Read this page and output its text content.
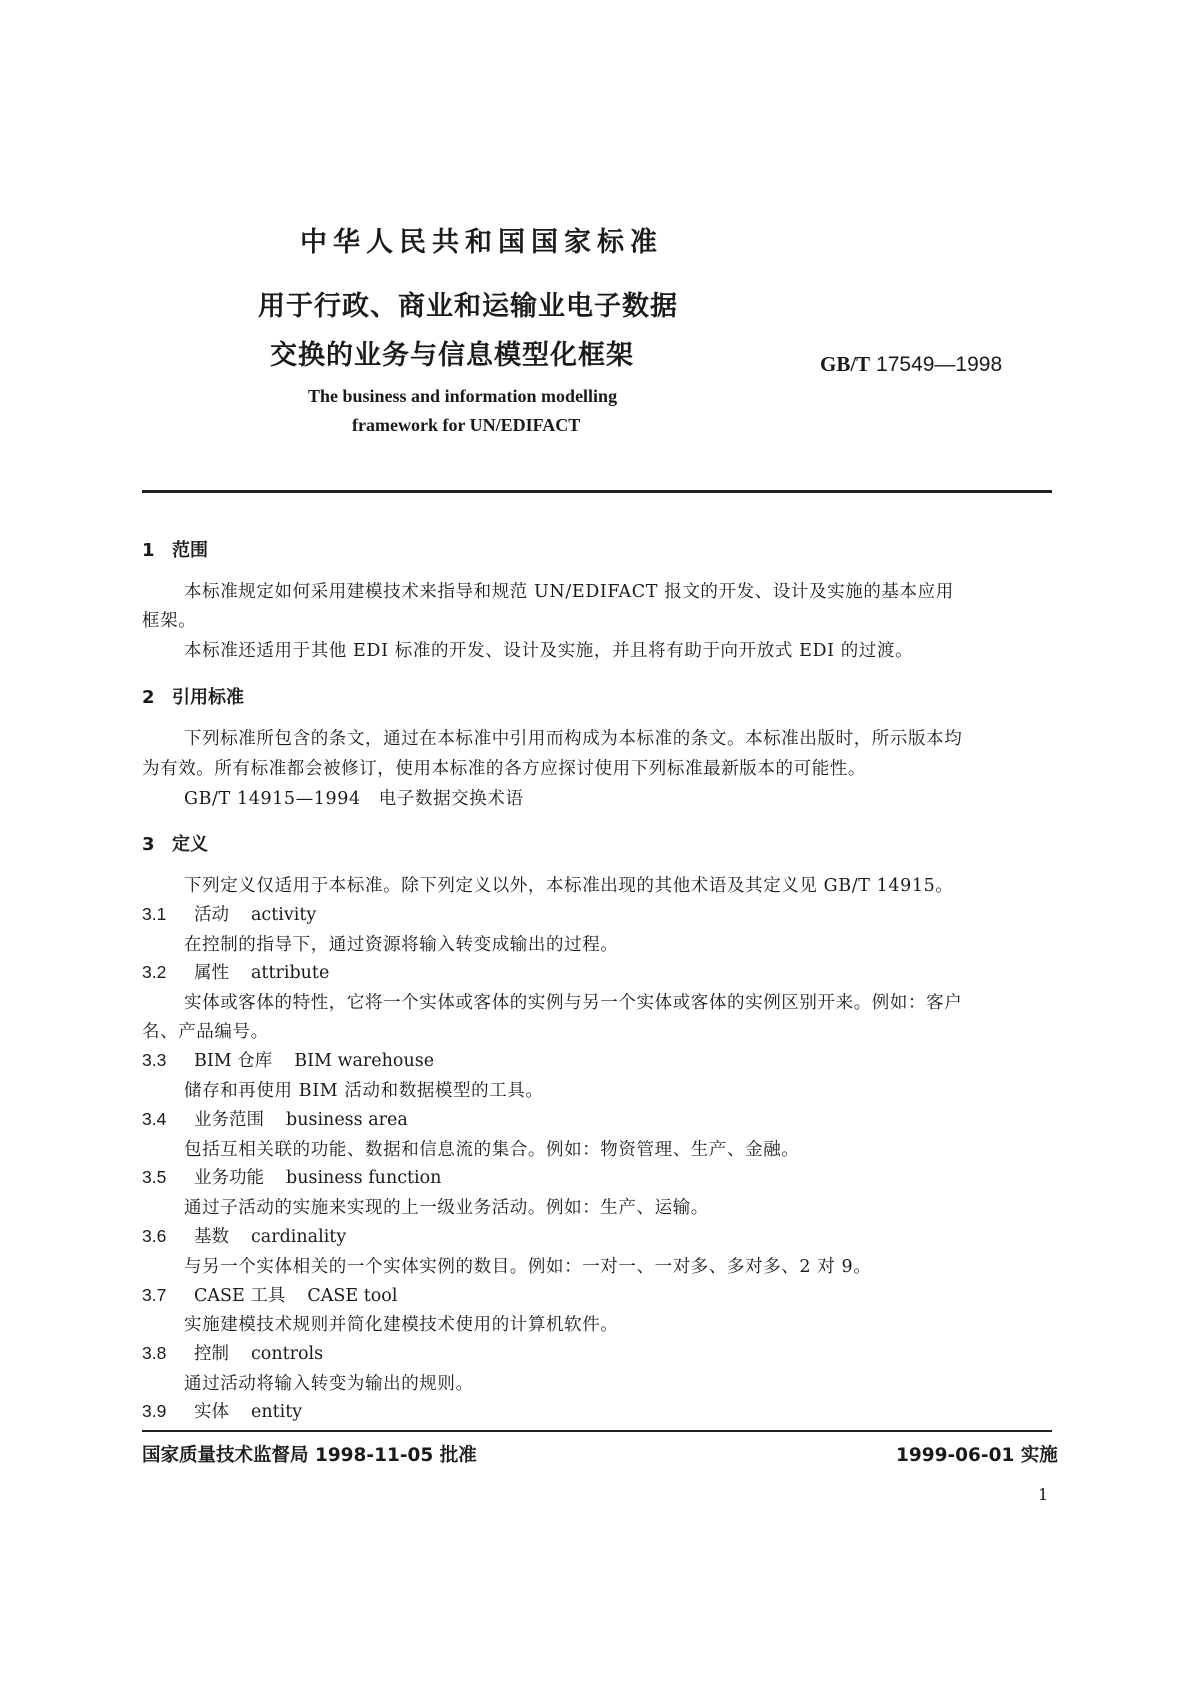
中华人民共和国国家标准
用于行政、商业和运输业电子数据
交换的业务与信息模型化框架	GB/T 17549—1998
The business and information modelling
framework for UN/EDIFACT
1 范围
本标准规定如何采用建模技术来指导和规范 UN/EDIFACT 报文的开发、设计及实施的基本应用
框架。
本标准还适用于其他 EDI 标准的开发、设计及实施，并且将有助于向开放式 EDI 的过渡。
2 引用标准
下列标准所包含的条文，通过在本标准中引用而构成为本标准的条文。本标准出版时，所示版本均
为有效。所有标准都会被修订，使用本标准的各方应探讨使用下列标准最新版本的可能性。
GB/T 14915—1994　电子数据交换术语
3 定义
下列定义仅适用于本标准。除下列定义以外，本标准出现的其他术语及其定义见 GB/T 14915。
3.1 活动 activity
在控制的指导下，通过资源将输入转变成输出的过程。
3.2 属性 attribute
实体或客体的特性，它将一个实体或客体的实例与另一个实体或客体的实例区别开来。例如：客户
名、产品编号。
3.3 BIM 仓库 BIM warehouse
储存和再使用 BIM 活动和数据模型的工具。
3.4 业务范围 business area
包括互相关联的功能、数据和信息流的集合。例如：物资管理、生产、金融。
3.5 业务功能 business function
通过子活动的实施来实现的上一级业务活动。例如：生产、运输。
3.6 基数 cardinality
与另一个实体相关的一个实体实例的数目。例如：一对一、一对多、多对多、2 对 9。
3.7 CASE 工具 CASE tool
实施建模技术规则并简化建模技术使用的计算机软件。
3.8 控制 controls
通过活动将输入转变为输出的规则。
3.9 实体 entity
国家质量技术监督局 1998-11-05 批准	1999-06-01 实施
1
